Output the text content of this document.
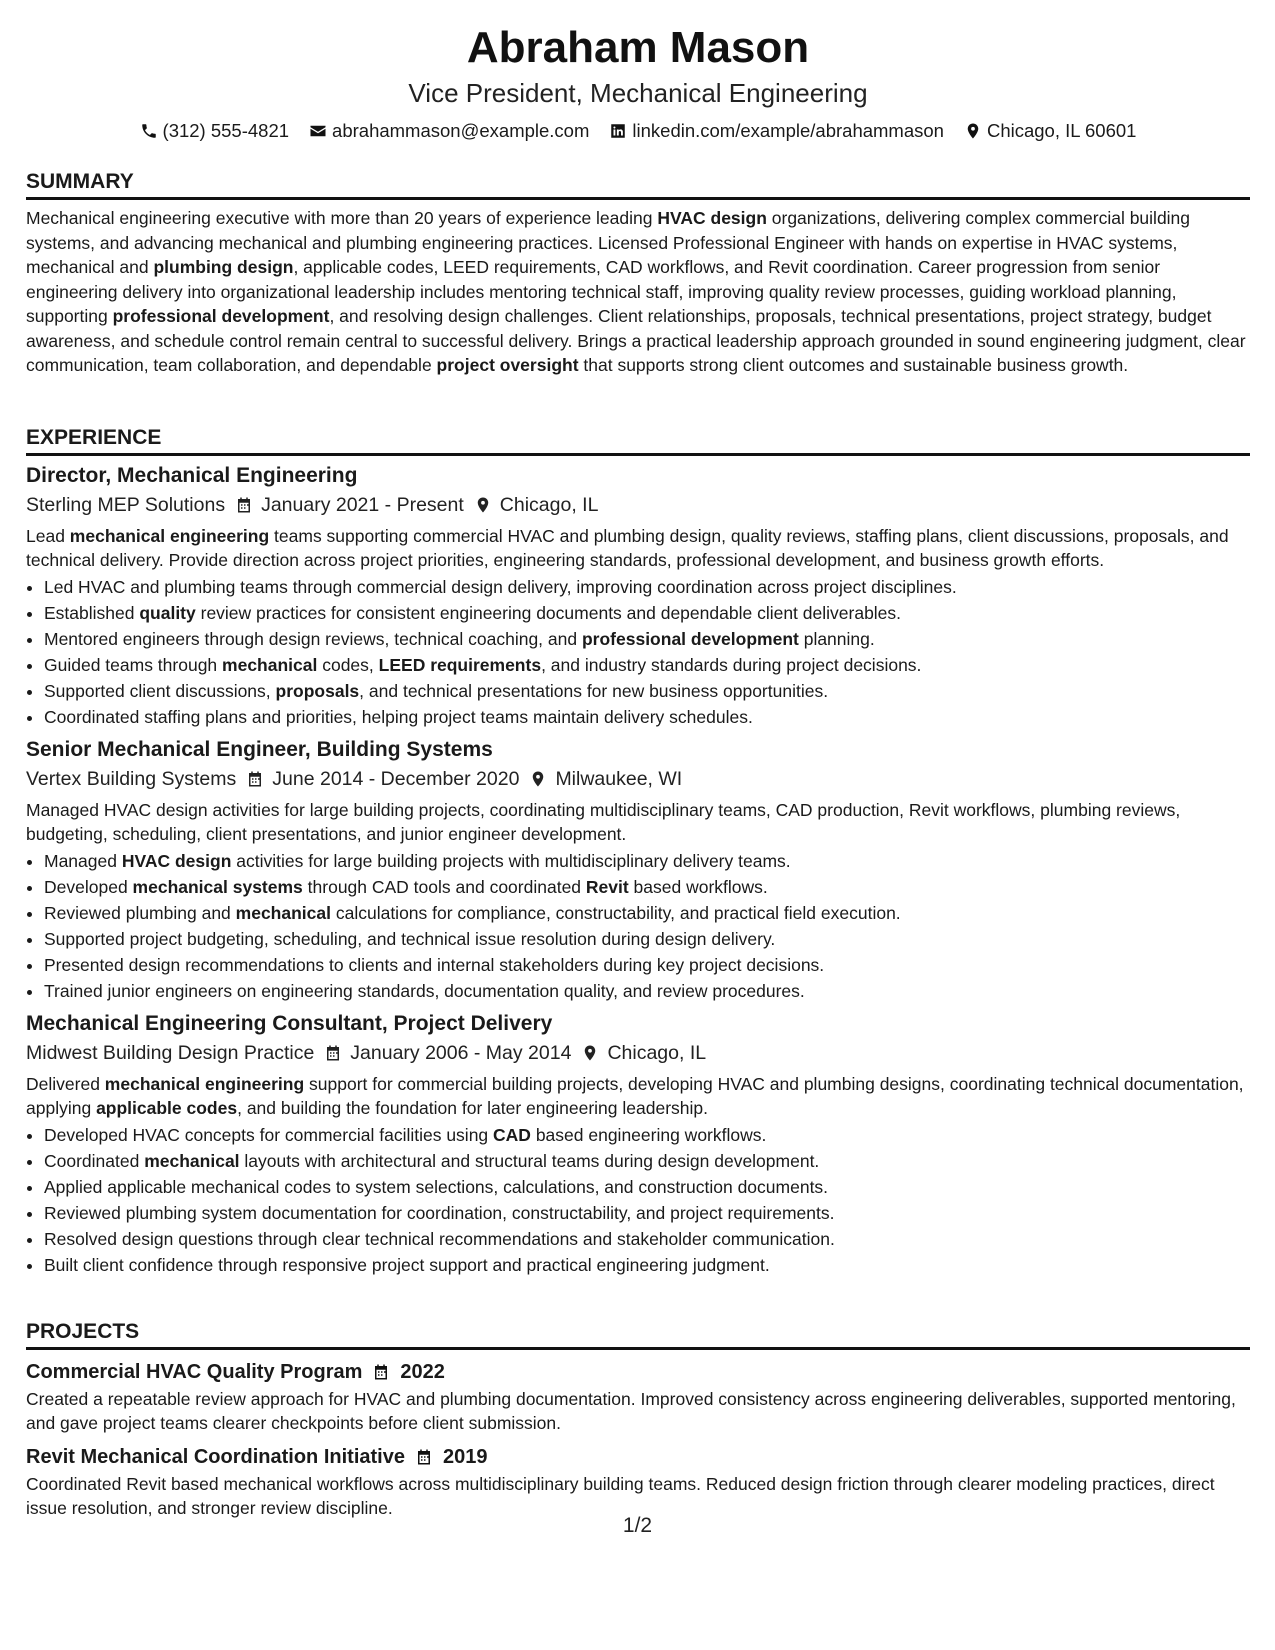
Abraham Mason
Vice President, Mechanical Engineering
(312) 555-4821 abrahammason@example.com linkedin.com/example/abrahammason Chicago, IL 60601
SUMMARY
Mechanical engineering executive with more than 20 years of experience leading HVAC design organizations, delivering complex commercial building systems, and advancing mechanical and plumbing engineering practices. Licensed Professional Engineer with hands on expertise in HVAC systems, mechanical and plumbing design, applicable codes, LEED requirements, CAD workflows, and Revit coordination. Career progression from senior engineering delivery into organizational leadership includes mentoring technical staff, improving quality review processes, guiding workload planning, supporting professional development, and resolving design challenges. Client relationships, proposals, technical presentations, project strategy, budget awareness, and schedule control remain central to successful delivery. Brings a practical leadership approach grounded in sound engineering judgment, clear communication, team collaboration, and dependable project oversight that supports strong client outcomes and sustainable business growth.
EXPERIENCE
Director, Mechanical Engineering
Sterling MEP Solutions January 2021 - Present Chicago, IL
Lead mechanical engineering teams supporting commercial HVAC and plumbing design, quality reviews, staffing plans, client discussions, proposals, and technical delivery. Provide direction across project priorities, engineering standards, professional development, and business growth efforts.
• Led HVAC and plumbing teams through commercial design delivery, improving coordination across project disciplines.
• Established quality review practices for consistent engineering documents and dependable client deliverables.
• Mentored engineers through design reviews, technical coaching, and professional development planning.
• Guided teams through mechanical codes, LEED requirements, and industry standards during project decisions.
• Supported client discussions, proposals, and technical presentations for new business opportunities.
• Coordinated staffing plans and priorities, helping project teams maintain delivery schedules.
Senior Mechanical Engineer, Building Systems
Vertex Building Systems June 2014 - December 2020 Milwaukee, WI
Managed HVAC design activities for large building projects, coordinating multidisciplinary teams, CAD production, Revit workflows, plumbing reviews, budgeting, scheduling, client presentations, and junior engineer development.
• Managed HVAC design activities for large building projects with multidisciplinary delivery teams.
• Developed mechanical systems through CAD tools and coordinated Revit based workflows.
• Reviewed plumbing and mechanical calculations for compliance, constructability, and practical field execution.
• Supported project budgeting, scheduling, and technical issue resolution during design delivery.
• Presented design recommendations to clients and internal stakeholders during key project decisions.
• Trained junior engineers on engineering standards, documentation quality, and review procedures.
Mechanical Engineering Consultant, Project Delivery
Midwest Building Design Practice January 2006 - May 2014 Chicago, IL
Delivered mechanical engineering support for commercial building projects, developing HVAC and plumbing designs, coordinating technical documentation, applying applicable codes, and building the foundation for later engineering leadership.
• Developed HVAC concepts for commercial facilities using CAD based engineering workflows.
• Coordinated mechanical layouts with architectural and structural teams during design development.
• Applied applicable mechanical codes to system selections, calculations, and construction documents.
• Reviewed plumbing system documentation for coordination, constructability, and project requirements.
• Resolved design questions through clear technical recommendations and stakeholder communication.
• Built client confidence through responsive project support and practical engineering judgment.
PROJECTS
Commercial HVAC Quality Program 2022
Created a repeatable review approach for HVAC and plumbing documentation. Improved consistency across engineering deliverables, supported mentoring, and gave project teams clearer checkpoints before client submission.
Revit Mechanical Coordination Initiative 2019
Coordinated Revit based mechanical workflows across multidisciplinary building teams. Reduced design friction through clearer modeling practices, direct issue resolution, and stronger review discipline.
1/2
